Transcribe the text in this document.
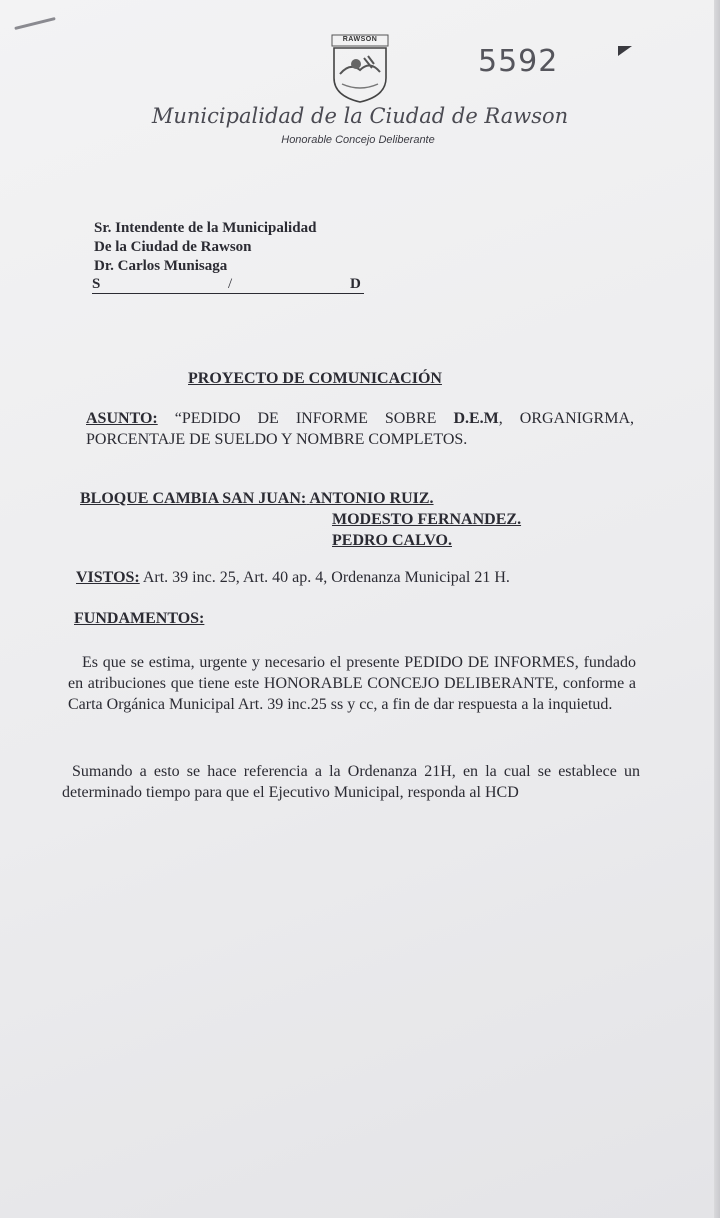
RAWSON
5592
Municipalidad de la Ciudad de Rawson
Honorable Concejo Deliberante
Sr. Intendente de la Municipalidad
De la Ciudad de Rawson
Dr. Carlos Munisaga
S	/	D
PROYECTO DE COMUNICACIÓN
ASUNTO: “PEDIDO DE INFORME SOBRE D.E.M, ORGANIGRMA, PORCENTAJE DE SUELDO Y NOMBRE COMPLETOS.
BLOQUE CAMBIA SAN JUAN: ANTONIO RUIZ.
MODESTO FERNANDEZ.
PEDRO CALVO.
VISTOS: Art. 39 inc. 25, Art. 40 ap. 4, Ordenanza Municipal 21 H.
FUNDAMENTOS:
Es que se estima, urgente y necesario el presente PEDIDO DE INFORMES, fundado en atribuciones que tiene este HONORABLE CONCEJO DELIBERANTE, conforme a Carta Orgánica Municipal Art. 39 inc.25 ss y cc, a fin de dar respuesta a la inquietud.
Sumando a esto se hace referencia a la Ordenanza 21H, en la cual se establece un determinado tiempo para que el Ejecutivo Municipal, responda al HCD
